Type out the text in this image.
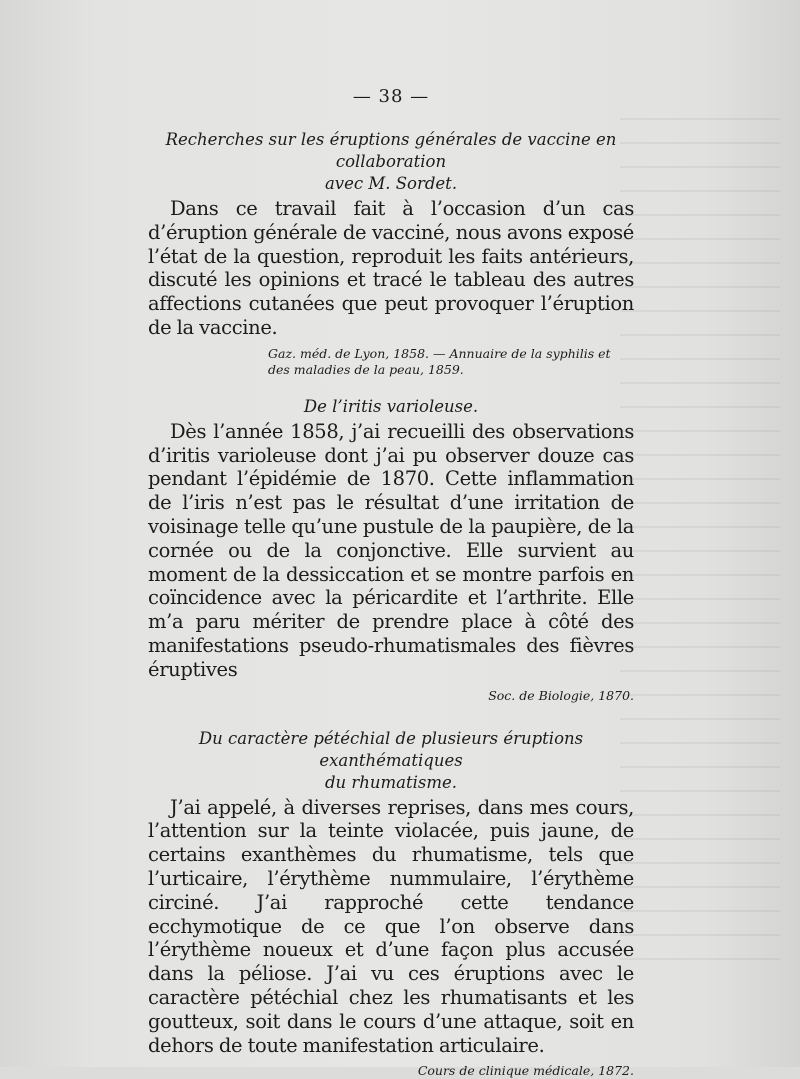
— 38 —

Recherches sur les éruptions générales de vaccine en collaboration

avec M. Sordet.

Dans ce travail fait à l’occasion d’un cas d’éruption générale de vacciné, nous avons exposé l’état de la question, reproduit les faits antérieurs, discuté les opinions et tracé le tableau des autres affections cutanées que peut provoquer l’éruption de la vaccine.

Gaz. méd. de Lyon, 1858. — Annuaire de la syphilis et des maladies de la peau, 1859.

De l’iritis varioleuse.

Dès l’année 1858, j’ai recueilli des observations d’iritis varioleuse dont j’ai pu observer douze cas pendant l’épidémie de 1870. Cette inflammation de l’iris n’est pas le résultat d’une irritation de voisinage telle qu’une pustule de la paupière, de la cornée ou de la conjonctive. Elle survient au moment de la dessiccation et se montre parfois en coïncidence avec la péricardite et l’arthrite. Elle m’a paru mériter de prendre place à côté des manifestations pseudo-rhumatismales des fièvres éruptives

Soc. de Biologie, 1870.

Du caractère pétéchial de plusieurs éruptions exanthématiques

du rhumatisme.

J’ai appelé, à diverses reprises, dans mes cours, l’attention sur la teinte violacée, puis jaune, de certains exanthèmes du rhumatisme, tels que l’urticaire, l’érythème nummulaire, l’érythème circiné. J’ai rapproché cette tendance ecchymotique de ce que l’on observe dans l’érythème noueux et d’une façon plus accusée dans la péliose. J’ai vu ces éruptions avec le caractère pétéchial chez les rhumatisants et les goutteux, soit dans le cours d’une attaque, soit en dehors de toute manifestation articulaire.

Cours de clinique médicale, 1872.
